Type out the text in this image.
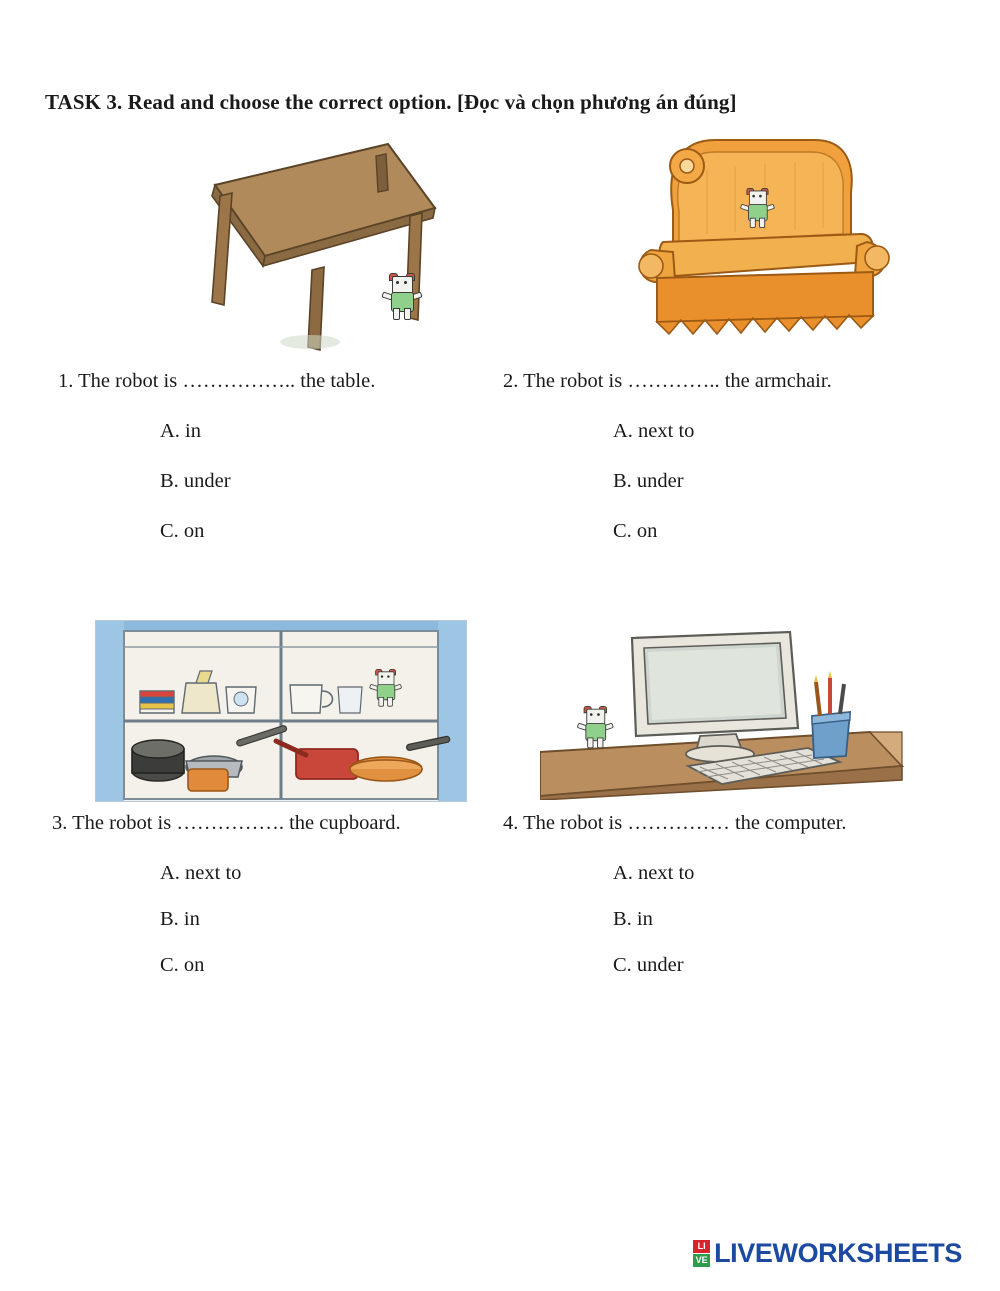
TASK 3. Read and choose the correct option. [Đọc và chọn phương án đúng]
1. The robot is …………….. the table.
A. in
B. under
C. on
2. The robot is ………….. the armchair.
A. next to
B. under
C. on
3. The robot is ……………. the cupboard.
A. next to
B. in
C. on
4. The robot is …………… the computer.
A. next to
B. in
C. under
LI
VE LIVEWORKSHEETS
